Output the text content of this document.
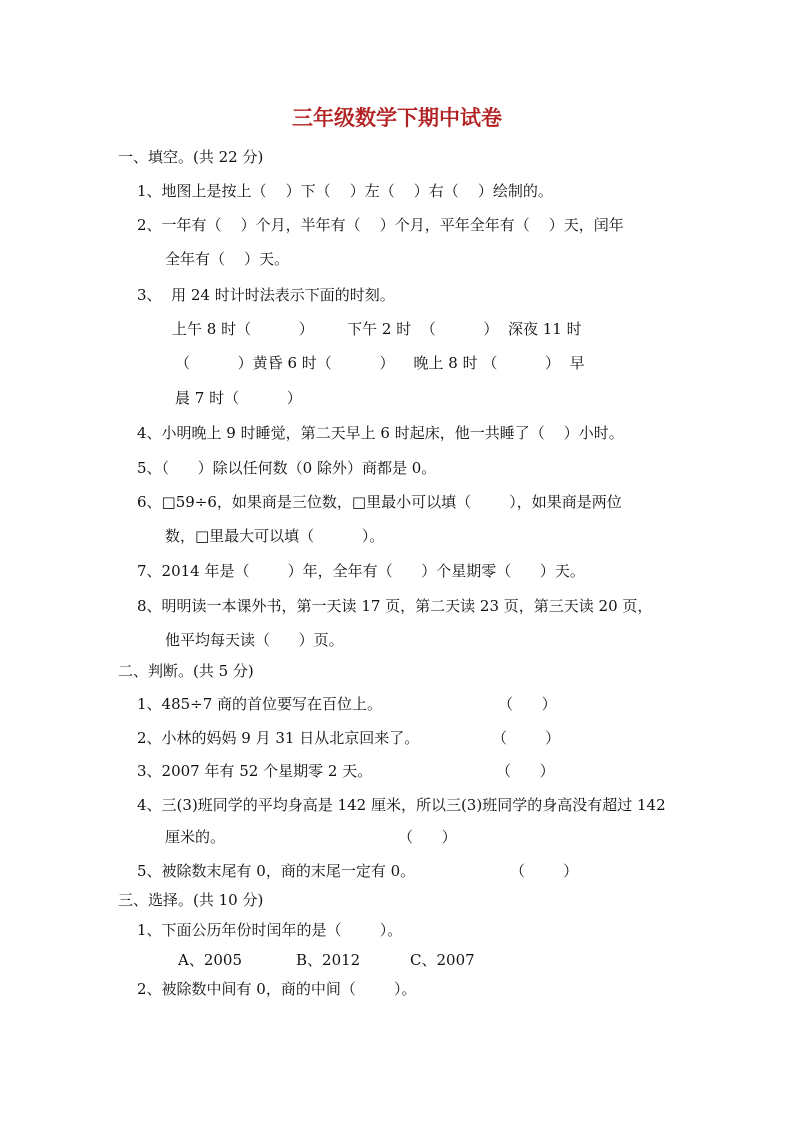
三年级数学下期中试卷
一、填空。(共 22 分)
1、地图上是按上（    ）下（    ）左（    ）右（    ）绘制的。
2、一年有（    ）个月，半年有（    ）个月，平年全年有（    ）天，闰年
全年有（    ）天。
3、  用 24 时计时法表示下面的时刻。
上午 8 时（          ）       下午 2 时  （          ）  深夜 11 时
（          ）黄昏 6 时（          ）    晚上 8 时 （          ）  早
晨 7 时（          ）
4、小明晚上 9 时睡觉，第二天早上 6 时起床，他一共睡了（    ）小时。
5、（      ）除以任何数（0 除外）商都是 0。
6、□59÷6，如果商是三位数，□里最小可以填（        ），如果商是两位
数，□里最大可以填（          ）。
7、2014 年是（        ）年，全年有（      ）个星期零（      ）天。
8、明明读一本课外书，第一天读 17 页，第二天读 23 页，第三天读 20 页，
他平均每天读（      ）页。
二、判断。(共 5 分)
1、485÷7 商的首位要写在百位上。	（      ）
2、小林的妈妈 9 月 31 日从北京回来了。	（        ）
3、2007 年有 52 个星期零 2 天。	（      ）
4、三(3)班同学的平均身高是 142 厘米，所以三(3)班同学的身高没有超过 142
厘米的。	（      ）
5、被除数末尾有 0，商的末尾一定有 0。	（        ）
三、选择。(共 10 分)
1、下面公历年份时闰年的是（        ）。
A、2005	B、2012	C、2007
2、被除数中间有 0，商的中间（        ）。
